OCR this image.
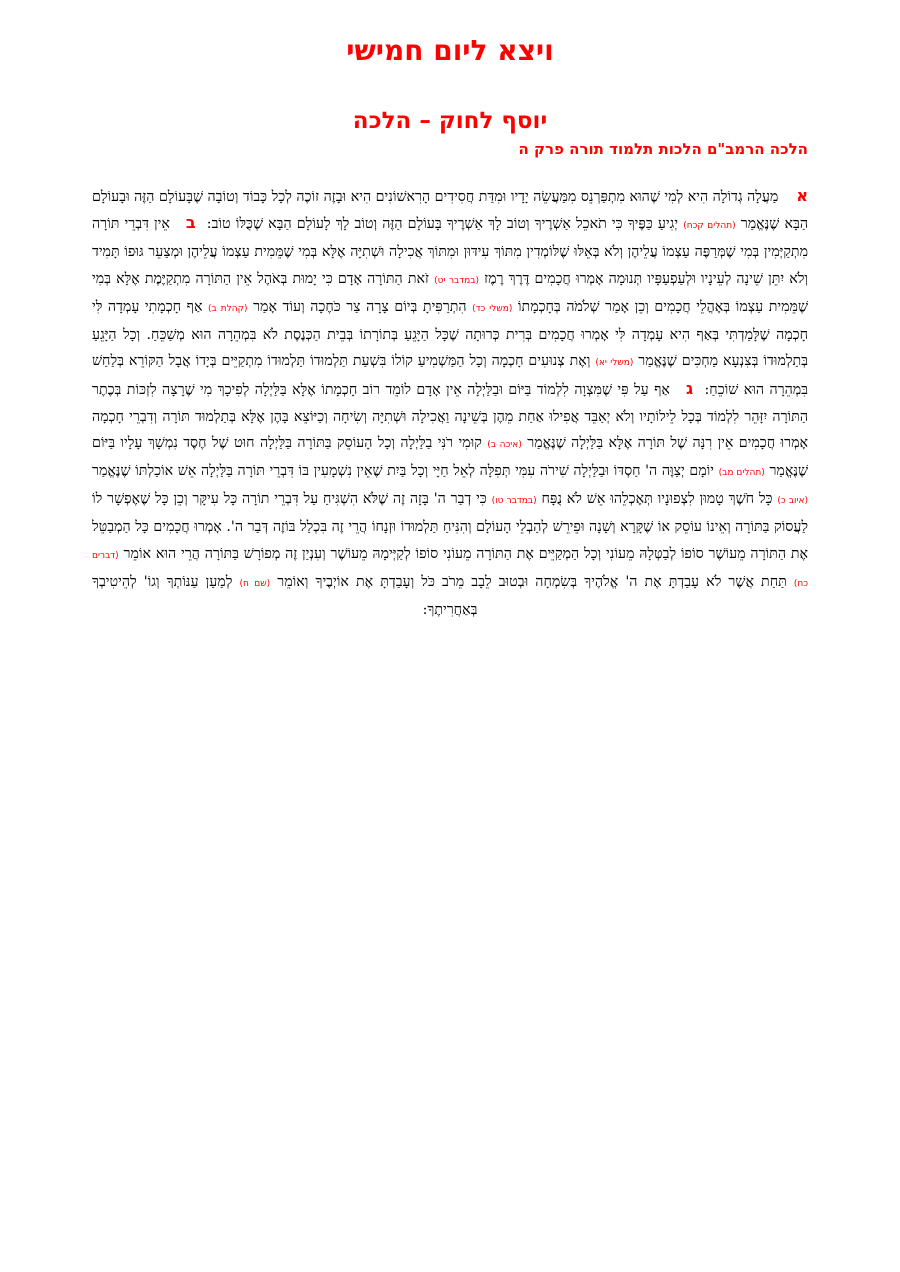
ויצא ליום חמישי
יוסף לחוק – הלכה

הלכה הרמב"ם הלכות תלמוד תורה פרק ה

אמַעֲלָה גְדוֹלָה הִיא לְמִי שֶׁהוּא מִתְפַּרְנֵס מִמַּעֲשֵׂה יָדָיו וּמִדַּת חֲסִידִים הָרִאשׁוֹנִים הִיא וּבָזֶה זוֹכֶה לְכָל כָּבוֹד וְטוֹבָה שֶׁבָּעוֹלָם הַזֶּה וּבָעוֹלָם הַבָּא שֶׁנֶּאֱמַר (תהלים קכח) יְגִיעַ כַּפֶּיךָ כִּי תֹאכֵל אַשְׁרֶיךָ וְטוֹב לָךְ אַשְׁרֶיךָ בָּעוֹלָם הַזֶּה וְטוֹב לָךְ לָעוֹלָם הַבָּא שֶׁכֻּלּוֹ טוֹב: באֵין דִּבְרֵי תּוֹרָה מִתְקַיְּמִין בְּמִי שֶׁמְּרַפֶּה עַצְמוֹ עֲלֵיהֶן וְלֹא בְּאֵלּוּ שֶׁלּוֹמְדִין מִתּוֹךְ עִידּוּן וּמִתּוֹךְ אֲכִילָה וּשְׁתִיָּה אֶלָּא בְּמִי שֶׁמֵּמִית עַצְמוֹ עֲלֵיהֶן וּמְצַעֵר גּוּפוֹ תָּמִיד וְלֹא יִתֵּן שֵׁינָה לְעֵינָיו וּלְעַפְעַפָּיו תְּנוּמָה אָמְרוּ חֲכָמִים דֶּרֶךְ רֶמֶז (במדבר יט) זֹאת הַתּוֹרָה אָדָם כִּי יָמוּת בְּאֹהֶל אֵין הַתּוֹרָה מִתְקַיֶּמֶת אֶלָּא בְּמִי שֶׁמֵּמִית עַצְמוֹ בְּאָהֳלֵי חֲכָמִים וְכֵן אָמַר שְׁלֹמֹה בְּחָכְמָתוֹ (משלי כד) הִתְרַפִּיתָ בְּיוֹם צָרָה צַר כֹּחֶכָה וְעוֹד אָמַר (קהלת ב) אַף חָכְמָתִי עָמְדָה לִּי חָכְמָה שֶׁלָּמַדְתִּי בְּאַף הִיא עָמְדָה לִּי אָמְרוּ חֲכָמִים בְּרִית כְּרוּתָה שֶׁכָּל הַיָּגֵעַ בְּתוֹרָתוֹ בְּבֵית הַכְּנֶסֶת לֹא בִּמְהֵרָה הוּא מְשַׁכֵּחַ. וְכָל הַיָּגֵעַ בְּתַלְמוּדוֹ בְּצִנְעָא מַחְכִּים שֶׁנֶּאֱמַר (משלי יא) וְאֶת צְנוּעִים חָכְמָה וְכָל הַמַּשְׁמִיעַ קוֹלוֹ בִּשְׁעַת תַּלְמוּדוֹ תַּלְמוּדוֹ מִתְקַיֵּים בְּיָדוֹ אֲבָל הַקּוֹרֵא בְּלַחַשׁ בִּמְהֵרָה הוּא שׁוֹכֵחַ: גאַף עַל פִּי שֶׁמִּצְוָה לִלְמוֹד בַּיּוֹם וּבַלַּיְלָה אֵין אָדָם לוֹמֵד רוֹב חָכְמָתוֹ אֶלָּא בַּלַּיְלָה לְפִיכָךְ מִי שֶׁרָצָה לִזְכּוֹת בְּכֶתֶר הַתּוֹרָה יִזָּהֵר לִלְמוֹד בְּכָל לֵילוֹתָיו וְלֹא יְאַבֵּד אֲפִילוּ אַחַת מֵהֶן בְּשֵׁינָה וַאֲכִילָה וּשְׁתִיָּה וְשִׂיחָה וְכַיּוֹצֵא בָּהֶן אֶלָּא בְּתַלְמוּד תּוֹרָה וְדִבְרֵי חָכְמָה אָמְרוּ חֲכָמִים אֵין רִנָּה שֶׁל תּוֹרָה אֶלָּא בַּלַּיְלָה שֶׁנֶּאֱמַר (איכה ב) קוּמִי רֹנִּי בַלַּיְלָה וְכָל הָעוֹסֵק בַּתּוֹרָה בַּלַּיְלָה חוּט שֶׁל חֶסֶד נִמְשָׁךְ עָלָיו בַּיּוֹם שֶׁנֶּאֱמַר (תהלים מב) יוֹמָם יְצַוֶּה ה' חַסְדּוֹ וּבַלַּיְלָה שִׁירֹה עִמִּי תְּפִלָּה לְאֵל חַיָּי וְכָל בַּיִת שֶׁאֵין נִשְׁמָעִין בּוֹ דִּבְרֵי תּוֹרָה בַּלַּיְלָה אֵשׁ אוֹכַלְתּוֹ שֶׁנֶּאֱמַר (איוב כ) כָּל חֹשֶׁךְ טָמוּן לִצְפוּנָיו תְּאָכְלֵהוּ אֵשׁ לֹא נֻפָּח (במדבר טו) כִּי דְבַר ה' בָּזָה זֶה שֶׁלֹּא הִשְׁגִּיחַ עַל דִּבְרֵי תוֹרָה כָּל עִיקָּר וְכֵן כָּל שֶׁאֶפְשָׁר לוֹ לַעֲסוֹק בַּתּוֹרָה וְאֵינוֹ עוֹסֵק אוֹ שֶׁקָּרָא וְשָׁנָה וּפֵירֵשׁ לְהַבְלֵי הָעוֹלָם וְהִנִּיחַ תַּלְמוּדוֹ וּזְנָחוֹ הֲרֵי זֶה בִּכְלַל בּוֹזֶה דְּבַר ה'. אָמְרוּ חֲכָמִים כָּל הַמְבַטֵּל אֶת הַתּוֹרָה מֵעוֹשֶׁר סוֹפוֹ לְבַטְּלָהּ מֵעוֹנִי וְכָל הַמְקַיֵּים אֶת הַתּוֹרָה מֵעוֹנִי סוֹפוֹ לְקַיְּימָהּ מֵעוֹשֶׁר וְעִנְיַן זֶה מְפוֹרָשׁ בַּתּוֹרָה הֲרֵי הוּא אוֹמֵר (דברים כח) תַּחַת אֲשֶׁר לֹא עָבַדְתָּ אֶת ה' אֱלֹהֶיךָ בְּשִׂמְחָה וּבְטוּב לֵבָב מֵרֹב כֹּל וְעָבַדְתָּ אֶת אוֹיְבֶיךָ וְאוֹמֵר (שם ח) לְמַעַן עַנּוֹתְךָ וְגוֹ' לְהֵיטִיבְךָ בְּאַחֲרִיתֶךָ:
